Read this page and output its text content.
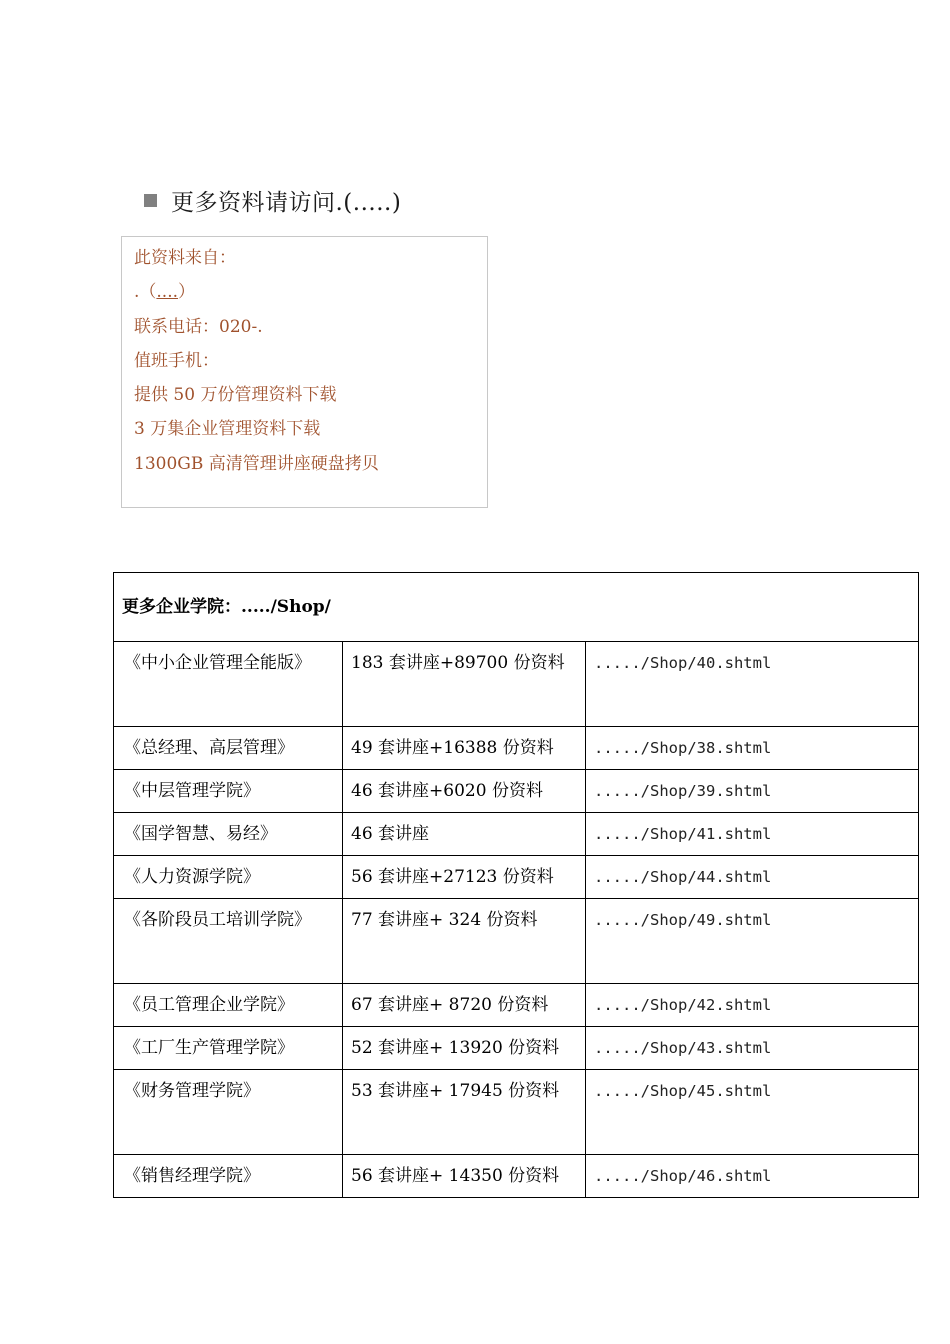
更多资料请访问.(.....)
此资料来自：
.（....）
联系电话：020-.
值班手机：
提供 50 万份管理资料下载
3 万集企业管理资料下载
1300GB 高清管理讲座硬盘拷贝
更多企业学院：...../Shop/		
《中小企业管理全能版》	183 套讲座+89700 份资料	...../Shop/40.shtml
《总经理、高层管理》	49 套讲座+16388 份资料	...../Shop/38.shtml
《中层管理学院》	46 套讲座+6020 份资料	...../Shop/39.shtml
《国学智慧、易经》	46 套讲座	...../Shop/41.shtml
《人力资源学院》	56 套讲座+27123 份资料	...../Shop/44.shtml
《各阶段员工培训学院》	77 套讲座+ 324 份资料	...../Shop/49.shtml
《员工管理企业学院》	67 套讲座+ 8720 份资料	...../Shop/42.shtml
《工厂生产管理学院》	52 套讲座+ 13920 份资料	...../Shop/43.shtml
《财务管理学院》	53 套讲座+ 17945 份资料	...../Shop/45.shtml
《销售经理学院》	56 套讲座+ 14350 份资料	...../Shop/46.shtml
